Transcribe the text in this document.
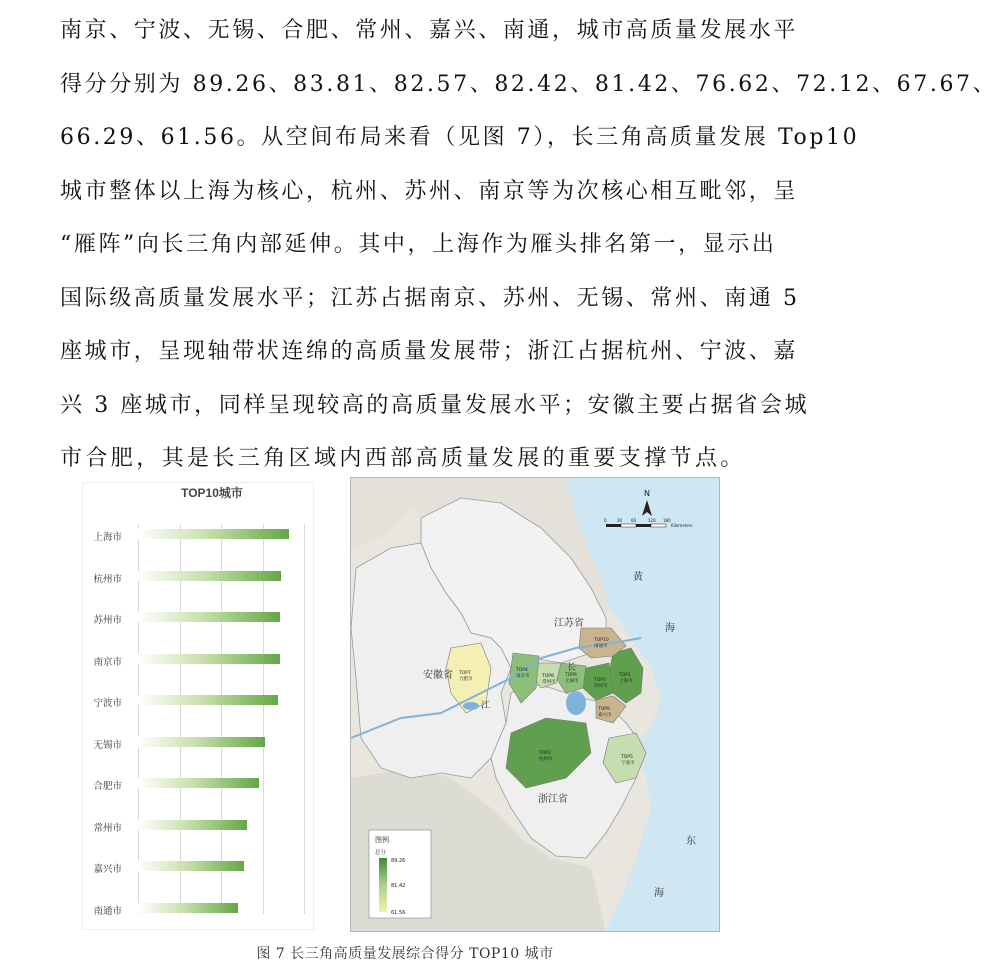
南京、宁波、无锡、合肥、常州、嘉兴、南通，城市高质量发展水平
得分分别为 89.26、83.81、82.57、82.42、81.42、76.62、72.12、67.67、
66.29、61.56。从空间布局来看（见图 7），长三角高质量发展 Top10
城市整体以上海为核心，杭州、苏州、南京等为次核心相互毗邻，呈
“雁阵”向长三角内部延伸。其中，上海作为雁头排名第一，显示出
国际级高质量发展水平；江苏占据南京、苏州、无锡、常州、南通 5
座城市，呈现轴带状连绵的高质量发展带；浙江占据杭州、宁波、嘉
兴 3 座城市，同样呈现较高的高质量发展水平；安徽主要占据省会城
市合肥，其是长三角区域内西部高质量发展的重要支撑节点。
TOP10城市
上海市
杭州市
苏州市
南京市
宁波市
无锡市
合肥市
常州市
嘉兴市
南通市
江苏省
安徽省
浙江省
黄
海
东
海
长
江
N
0	30 60	120 180
Kilometers
TOP1
上海市
TOP2
杭州市
TOP3
苏州市
TOP4
南京市
TOP5
宁波市
TOP6
无锡市
TOP7
合肥市
TOP8
常州市
TOP9
嘉兴市
TOP10
南通市
图例
总分
89.26
81.42
61.56
图 7 长三角高质量发展综合得分 TOP10 城市
